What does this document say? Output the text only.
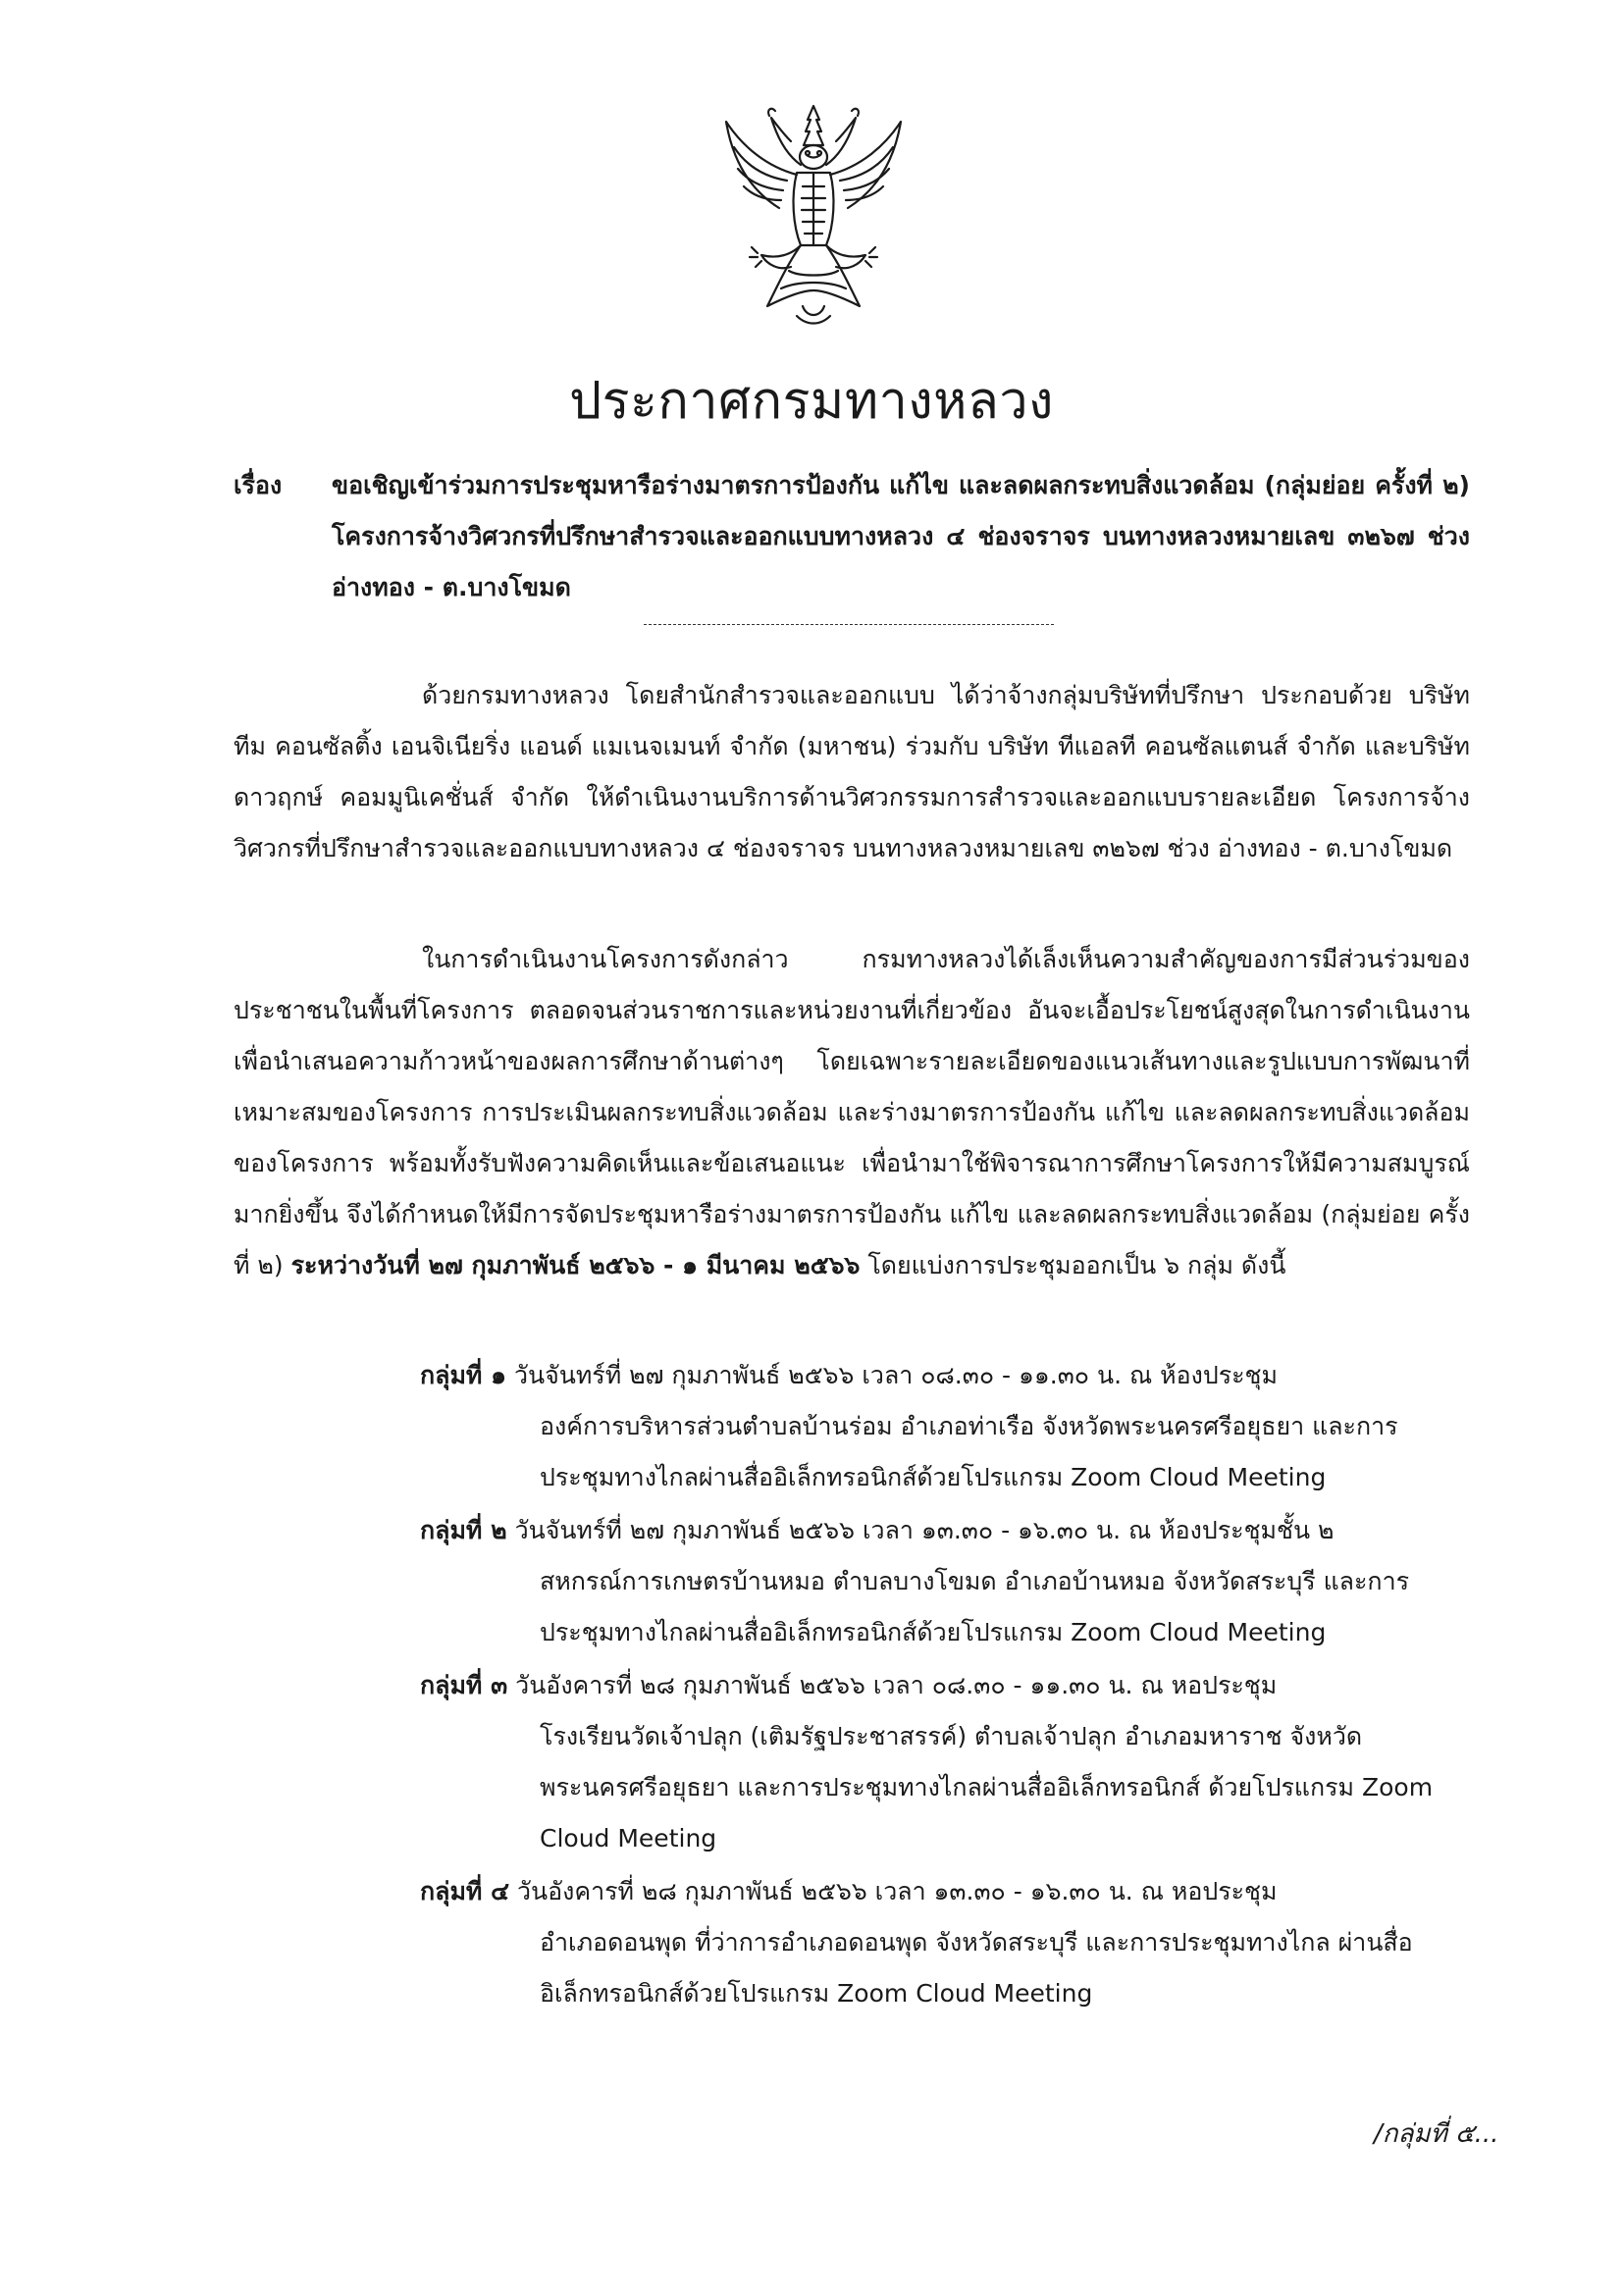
ประกาศกรมทางหลวง
เรื่อง ขอเชิญเข้าร่วมการประชุมหารือร่างมาตรการป้องกัน แก้ไข และลดผลกระทบสิ่งแวดล้อม (กลุ่มย่อย ครั้งที่ ๒) โครงการจ้างวิศวกรที่ปรึกษาสำรวจและออกแบบทางหลวง ๔ ช่องจราจร บนทางหลวงหมายเลข ๓๒๖๗ ช่วง อ่างทอง - ต.บางโขมด
ด้วยกรมทางหลวง โดยสำนักสำรวจและออกแบบ ได้ว่าจ้างกลุ่มบริษัทที่ปรึกษา ประกอบด้วย บริษัท ทีม คอนซัลติ้ง เอนจิเนียริ่ง แอนด์ แมเนจเมนท์ จำกัด (มหาชน) ร่วมกับ บริษัท ทีแอลที คอนซัลแตนส์ จำกัด และบริษัท ดาวฤกษ์ คอมมูนิเคชั่นส์ จำกัด ให้ดำเนินงานบริการด้านวิศวกรรมการสำรวจและออกแบบรายละเอียด โครงการจ้างวิศวกรที่ปรึกษาสำรวจและออกแบบทางหลวง ๔ ช่องจราจร บนทางหลวงหมายเลข ๓๒๖๗ ช่วง อ่างทอง - ต.บางโขมด
ในการดำเนินงานโครงการดังกล่าว กรมทางหลวงได้เล็งเห็นความสำคัญของการมีส่วนร่วมของประชาชนในพื้นที่โครงการ ตลอดจนส่วนราชการและหน่วยงานที่เกี่ยวข้อง อันจะเอื้อประโยชน์สูงสุดในการดำเนินงาน เพื่อนำเสนอความก้าวหน้าของผลการศึกษาด้านต่างๆ โดยเฉพาะรายละเอียดของแนวเส้นทางและรูปแบบการพัฒนาที่เหมาะสมของโครงการ การประเมินผลกระทบสิ่งแวดล้อม และร่างมาตรการป้องกัน แก้ไข และลดผลกระทบสิ่งแวดล้อมของโครงการ พร้อมทั้งรับฟังความคิดเห็นและข้อเสนอแนะ เพื่อนำมาใช้พิจารณาการศึกษาโครงการให้มีความสมบูรณ์มากยิ่งขึ้น จึงได้กำหนดให้มีการจัดประชุมหารือร่างมาตรการป้องกัน แก้ไข และลดผลกระทบสิ่งแวดล้อม (กลุ่มย่อย ครั้งที่ ๒) ระหว่างวันที่ ๒๗ กุมภาพันธ์ ๒๕๖๖ - ๑ มีนาคม ๒๕๖๖ โดยแบ่งการประชุมออกเป็น ๖ กลุ่ม ดังนี้
กลุ่มที่ ๑ วันจันทร์ที่ ๒๗ กุมภาพันธ์ ๒๕๖๖ เวลา ๐๘.๓๐ - ๑๑.๓๐ น. ณ ห้องประชุม
องค์การบริหารส่วนตำบลบ้านร่อม อำเภอท่าเรือ จังหวัดพระนครศรีอยุธยา และการประชุมทางไกลผ่านสื่ออิเล็กทรอนิกส์ด้วยโปรแกรม Zoom Cloud Meeting
กลุ่มที่ ๒ วันจันทร์ที่ ๒๗ กุมภาพันธ์ ๒๕๖๖ เวลา ๑๓.๓๐ - ๑๖.๓๐ น. ณ ห้องประชุมชั้น ๒
สหกรณ์การเกษตรบ้านหมอ ตำบลบางโขมด อำเภอบ้านหมอ จังหวัดสระบุรี และการประชุมทางไกลผ่านสื่ออิเล็กทรอนิกส์ด้วยโปรแกรม Zoom Cloud Meeting
กลุ่มที่ ๓ วันอังคารที่ ๒๘ กุมภาพันธ์ ๒๕๖๖ เวลา ๐๘.๓๐ - ๑๑.๓๐ น. ณ หอประชุม
โรงเรียนวัดเจ้าปลุก (เติมรัฐประชาสรรค์) ตำบลเจ้าปลุก อำเภอมหาราช จังหวัดพระนครศรีอยุธยา และการประชุมทางไกลผ่านสื่ออิเล็กทรอนิกส์ ด้วยโปรแกรม Zoom Cloud Meeting
กลุ่มที่ ๔ วันอังคารที่ ๒๘ กุมภาพันธ์ ๒๕๖๖ เวลา ๑๓.๓๐ - ๑๖.๓๐ น. ณ หอประชุม
อำเภอดอนพุด ที่ว่าการอำเภอดอนพุด จังหวัดสระบุรี และการประชุมทางไกล ผ่านสื่ออิเล็กทรอนิกส์ด้วยโปรแกรม Zoom Cloud Meeting
/กลุ่มที่ ๕...
